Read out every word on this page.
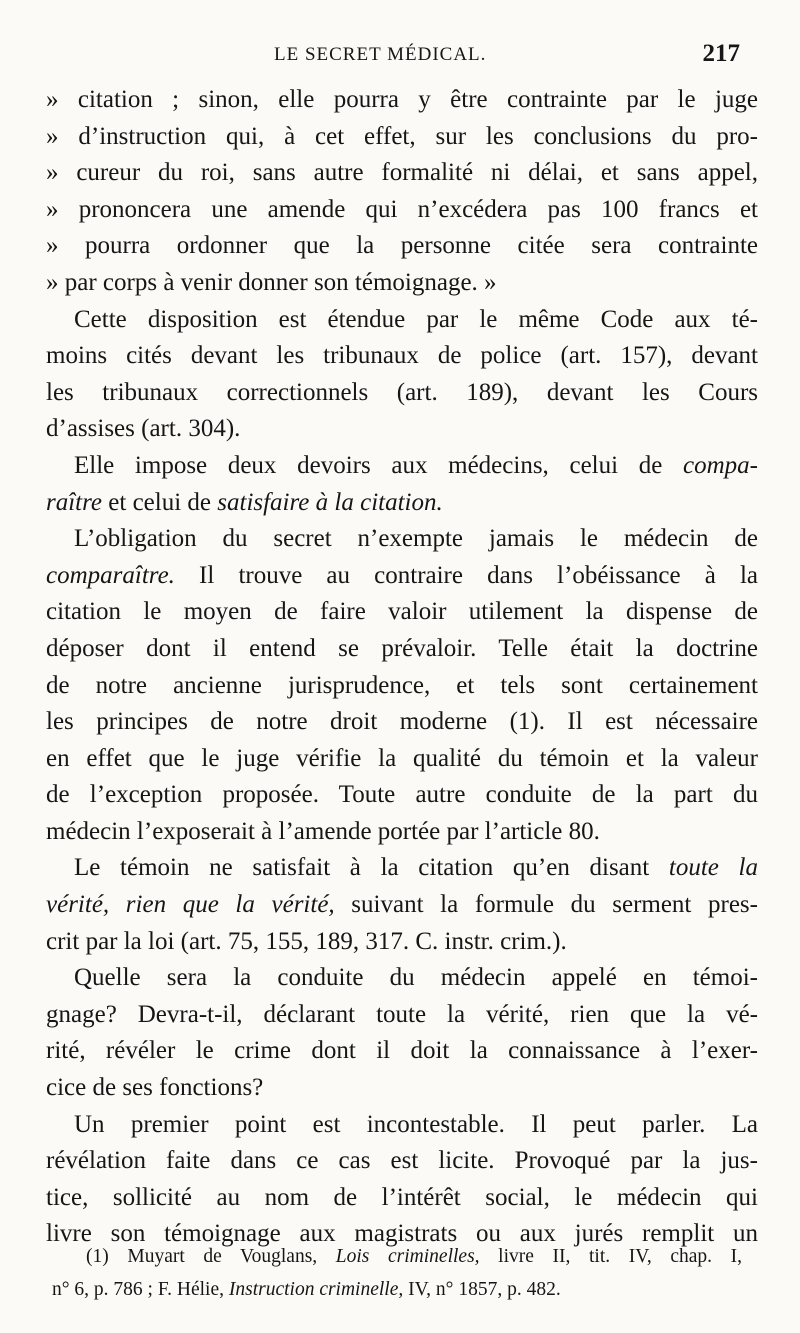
LE SECRET MÉDICAL.	217
» citation ; sinon, elle pourra y être contrainte par le juge
» d’instruction qui, à cet effet, sur les conclusions du pro-
» cureur du roi, sans autre formalité ni délai, et sans appel,
» prononcera une amende qui n’excédera pas 100 francs et
» pourra ordonner que la personne citée sera contrainte
» par corps à venir donner son témoignage. »
Cette disposition est étendue par le même Code aux té-
moins cités devant les tribunaux de police (art. 157), devant
les tribunaux correctionnels (art. 189), devant les Cours
d’assises (art. 304).
Elle impose deux devoirs aux médecins, celui de compa-
raître et celui de satisfaire à la citation.
L’obligation du secret n’exempte jamais le médecin de
comparaître. Il trouve au contraire dans l’obéissance à la
citation le moyen de faire valoir utilement la dispense de
déposer dont il entend se prévaloir. Telle était la doctrine
de notre ancienne jurisprudence, et tels sont certainement
les principes de notre droit moderne (1). Il est nécessaire
en effet que le juge vérifie la qualité du témoin et la valeur
de l’exception proposée. Toute autre conduite de la part du
médecin l’exposerait à l’amende portée par l’article 80.
Le témoin ne satisfait à la citation qu’en disant toute la
vérité, rien que la vérité, suivant la formule du serment pres-
crit par la loi (art. 75, 155, 189, 317. C. instr. crim.).
Quelle sera la conduite du médecin appelé en témoi-
gnage? Devra-t-il, déclarant toute la vérité, rien que la vé-
rité, révéler le crime dont il doit la connaissance à l’exer-
cice de ses fonctions?
Un premier point est incontestable. Il peut parler. La
révélation faite dans ce cas est licite. Provoqué par la jus-
tice, sollicité au nom de l’intérêt social, le médecin qui
livre son témoignage aux magistrats ou aux jurés remplit un
(1) Muyart de Vouglans, Lois criminelles, livre II, tit. IV, chap. I,
n° 6, p. 786 ; F. Hélie, Instruction criminelle, IV, n° 1857, p. 482.
